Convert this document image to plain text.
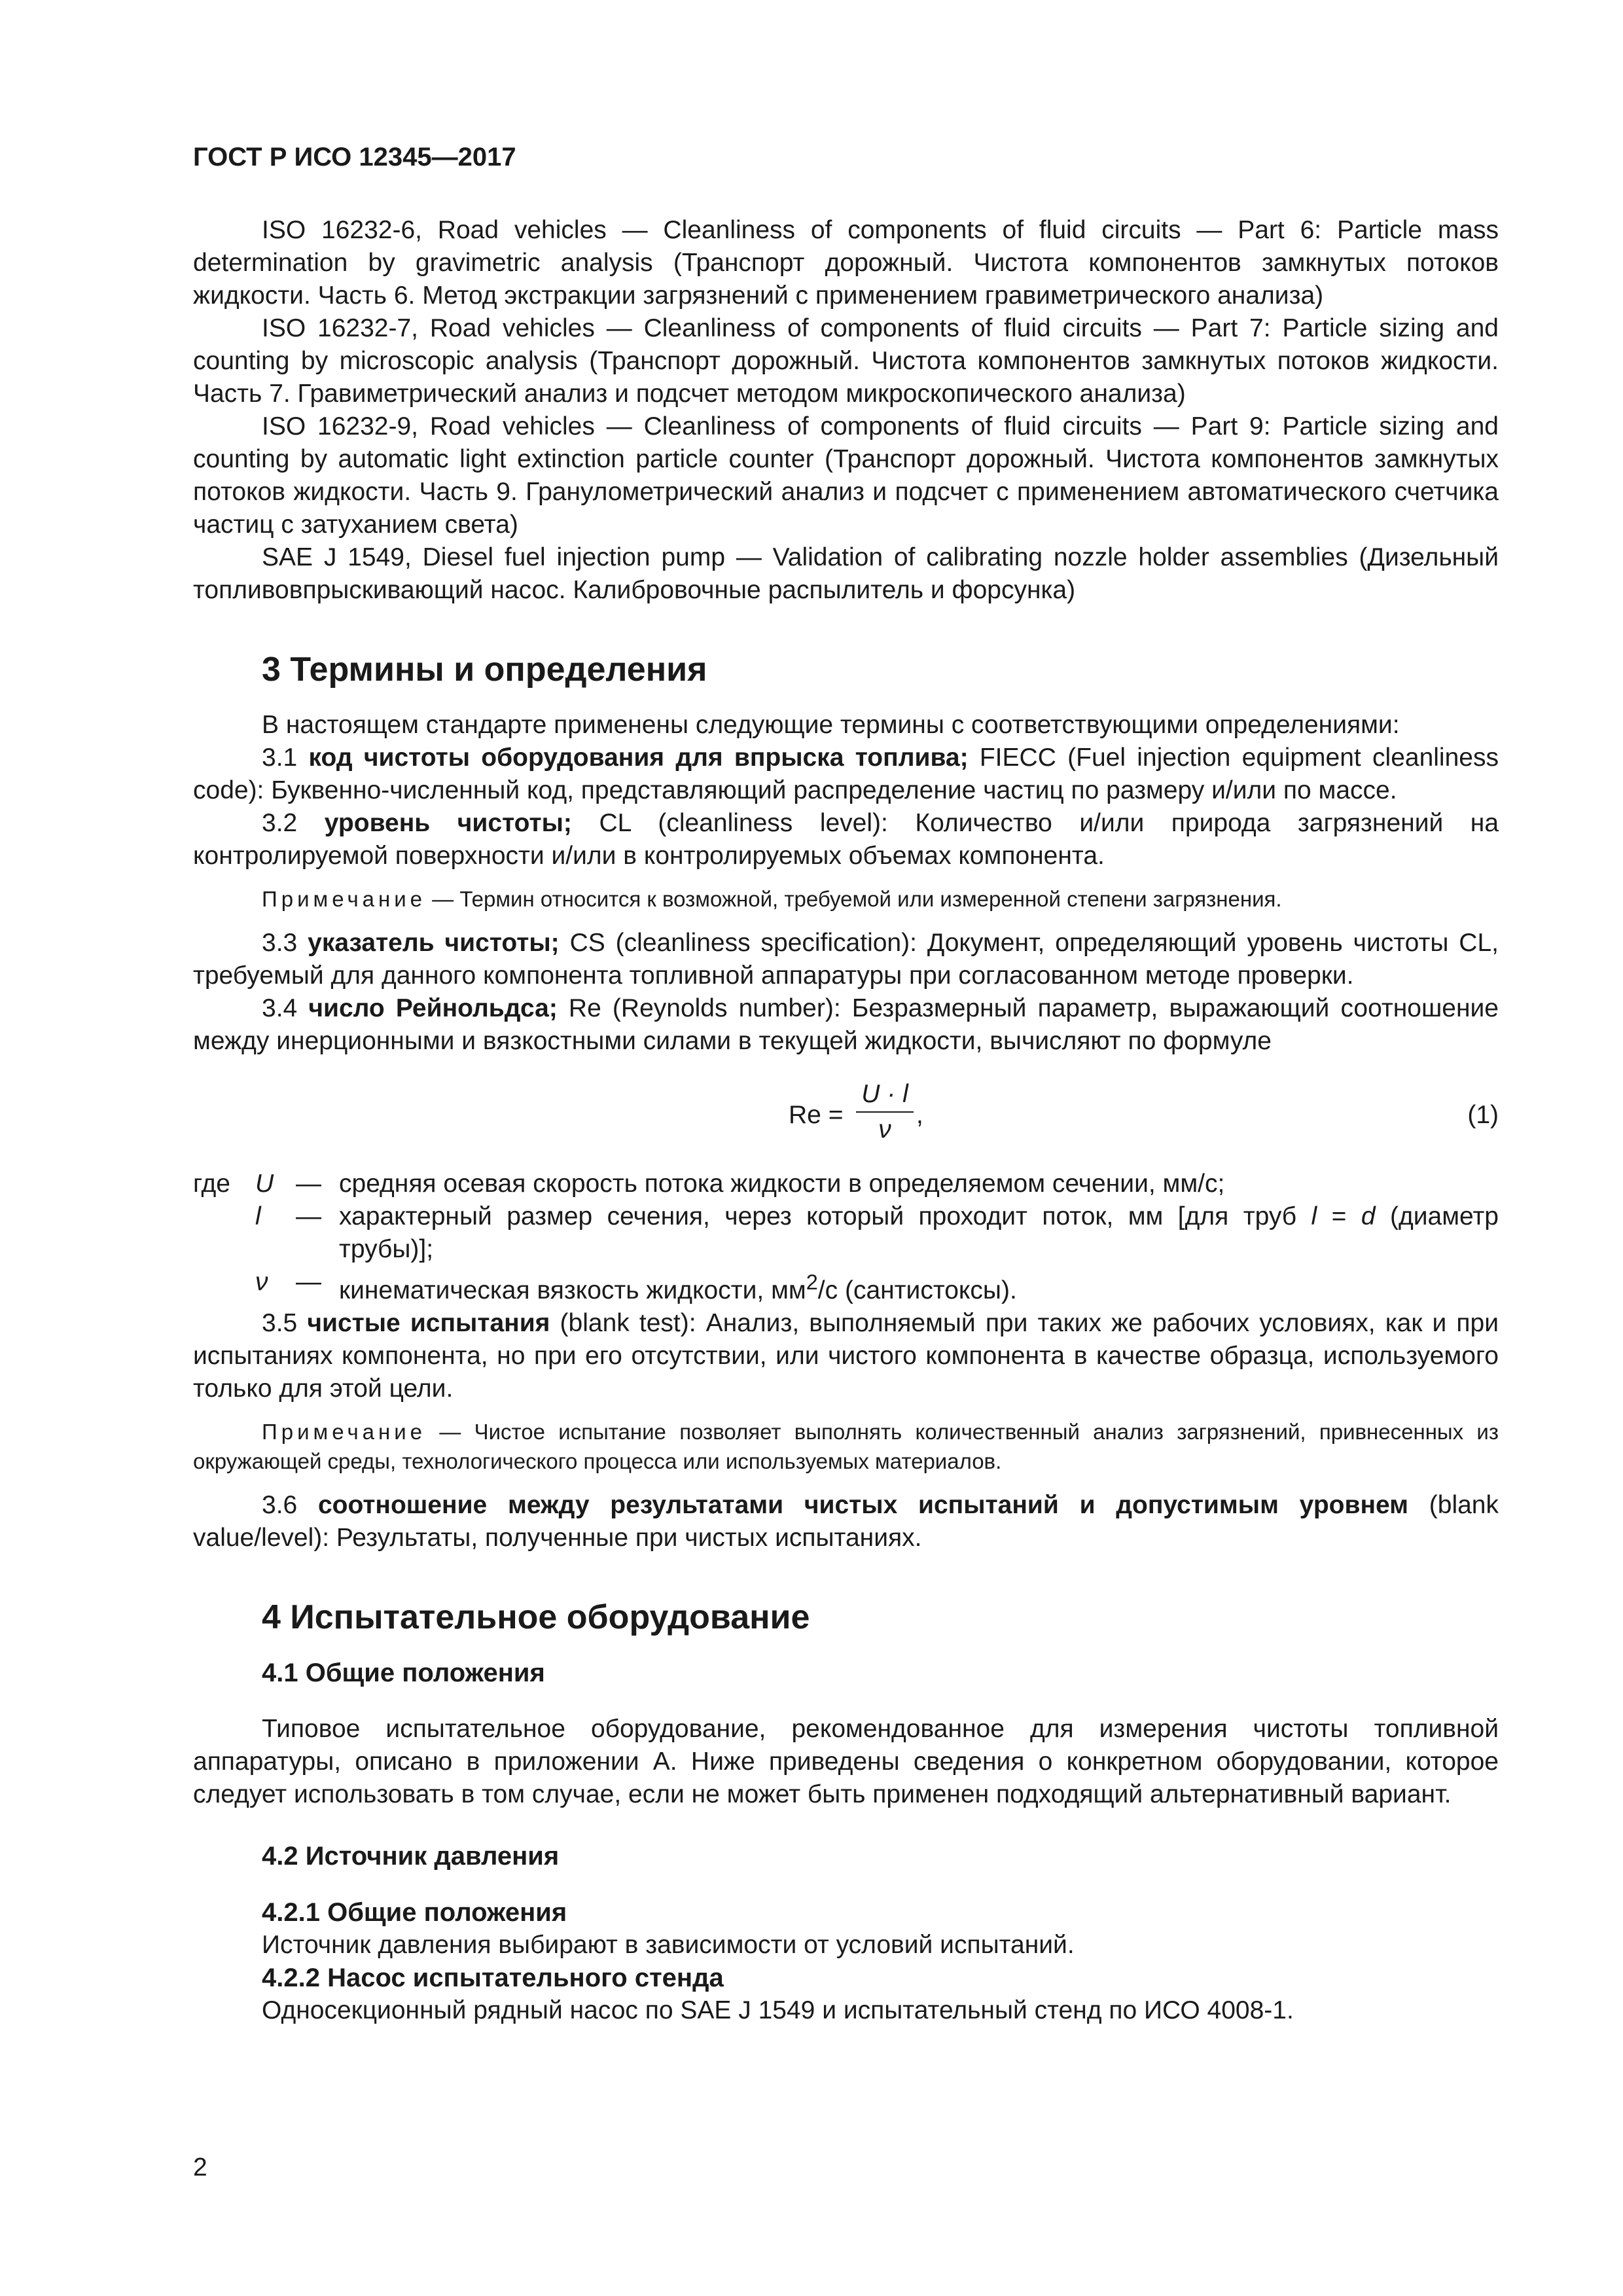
ГОСТ Р ИСО 12345—2017

ISO 16232-6, Road vehicles — Cleanliness of components of fluid circuits — Part 6: Particle mass determination by gravimetric analysis (Транспорт дорожный. Чистота компонентов замкнутых потоков жидкости. Часть 6. Метод экстракции загрязнений с применением гравиметрического анализа)

ISO 16232-7, Road vehicles — Cleanliness of components of fluid circuits — Part 7: Particle sizing and counting by microscopic analysis (Транспорт дорожный. Чистота компонентов замкнутых потоков жидкости. Часть 7. Гравиметрический анализ и подсчет методом микроскопического анализа)

ISO 16232-9, Road vehicles — Cleanliness of components of fluid circuits — Part 9: Particle sizing and counting by automatic light extinction particle counter (Транспорт дорожный. Чистота компонентов замкнутых потоков жидкости. Часть 9. Гранулометрический анализ и подсчет с применением автоматического счетчика частиц с затуханием света)

SAE J 1549, Diesel fuel injection pump — Validation of calibrating nozzle holder assemblies (Дизельный топливовпрыскивающий насос. Калибровочные распылитель и форсунка)

3 Термины и определения

В настоящем стандарте применены следующие термины с соответствующими определениями:

3.1 код чистоты оборудования для впрыска топлива; FIECC (Fuel injection equipment cleanliness code): Буквенно-численный код, представляющий распределение частиц по размеру и/или по массе.

3.2 уровень чистоты; CL (cleanliness level): Количество и/или природа загрязнений на контролируемой поверхности и/или в контролируемых объемах компонента.

Примечание — Термин относится к возможной, требуемой или измеренной степени загрязнения.

3.3 указатель чистоты; CS (cleanliness specification): Документ, определяющий уровень чистоты CL, требуемый для данного компонента топливной аппаратуры при согласованном методе проверки.

3.4 число Рейнольдса; Re (Reynolds number): Безразмерный параметр, выражающий соотношение между инерционными и вязкостными силами в текущей жидкости, вычисляют по формуле

Re =
U · l
ν
,	(1)
где U — средняя осевая скорость потока жидкости в определяемом сечении, мм/с;
l	— характерный размер сечения, через который проходит поток, мм [для труб l = d (диаметр трубы)];
ν	— кинематическая вязкость жидкости, $мм^2/с$ (сантистоксы).

3.5 чистые испытания (blank test): Анализ, выполняемый при таких же рабочих условиях, как и при испытаниях компонента, но при его отсутствии, или чистого компонента в качестве образца, используемого только для этой цели.

Примечание — Чистое испытание позволяет выполнять количественный анализ загрязнений, привнесенных из окружающей среды, технологического процесса или используемых материалов.

3.6 соотношение между результатами чистых испытаний и допустимым уровнем (blank value/level): Результаты, полученные при чистых испытаниях.

4 Испытательное оборудование
4.1 Общие положения

Типовое испытательное оборудование, рекомендованное для измерения чистоты топливной аппаратуры, описано в приложении А. Ниже приведены сведения о конкретном оборудовании, которое следует использовать в том случае, если не может быть применен подходящий альтернативный вариант.

4.2 Источник давления
4.2.1 Общие положения

Источник давления выбирают в зависимости от условий испытаний.

4.2.2 Насос испытательного стенда

Односекционный рядный насос по SAE J 1549 и испытательный стенд по ИСО 4008-1.

2
